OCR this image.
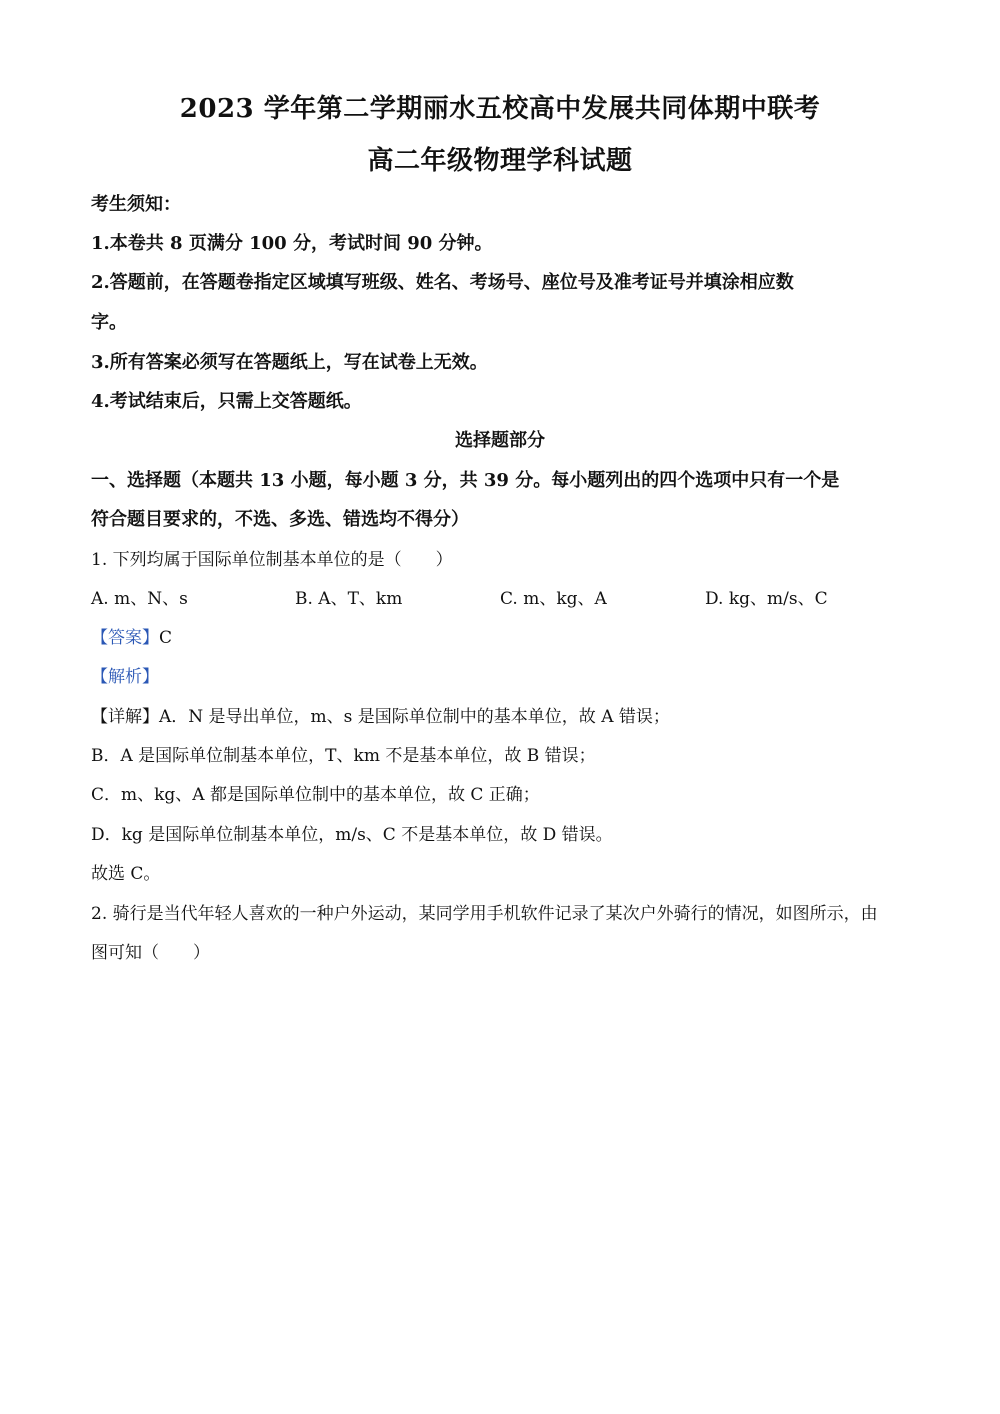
2023 学年第二学期丽水五校高中发展共同体期中联考
高二年级物理学科试题
考生须知：
1.本卷共 8 页满分 100 分，考试时间 90 分钟。
2.答题前，在答题卷指定区域填写班级、姓名、考场号、座位号及准考证号并填涂相应数
字。
3.所有答案必须写在答题纸上，写在试卷上无效。
4.考试结束后，只需上交答题纸。
选择题部分
一、选择题（本题共 13 小题，每小题 3 分，共 39 分。每小题列出的四个选项中只有一个是
符合题目要求的，不选、多选、错选均不得分）
1. 下列均属于国际单位制基本单位的是（　　）
A. m、N、s	B. A、T、km	C. m、kg、A	D. kg、m/s、C
【答案】C
【解析】
【详解】A．N 是导出单位，m、s 是国际单位制中的基本单位，故 A 错误；
B．A 是国际单位制基本单位，T、km 不是基本单位，故 B 错误；
C．m、kg、A 都是国际单位制中的基本单位，故 C 正确；
D．kg 是国际单位制基本单位，m/s、C 不是基本单位，故 D 错误。
故选 C。
2. 骑行是当代年轻人喜欢的一种户外运动，某同学用手机软件记录了某次户外骑行的情况，如图所示，由
图可知（　　）
